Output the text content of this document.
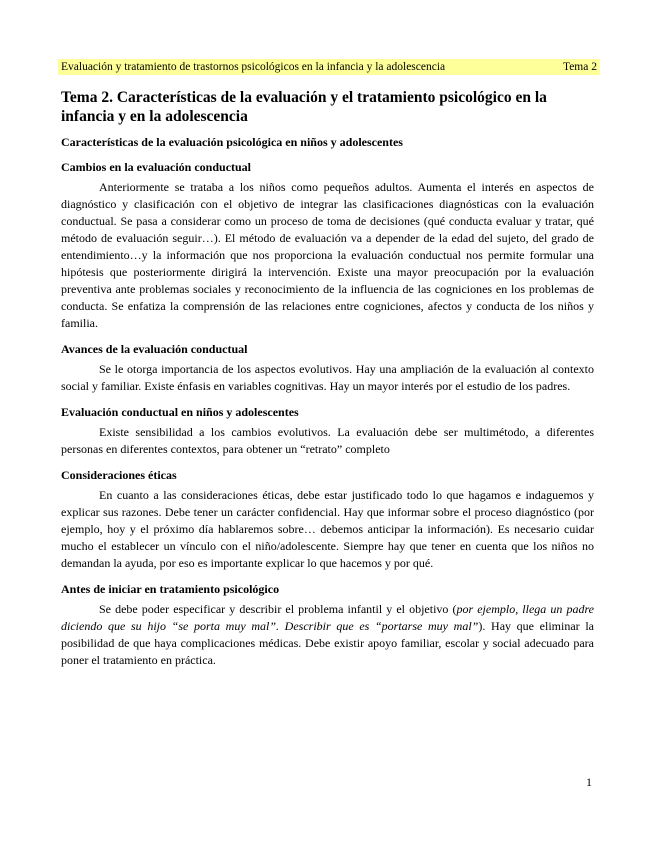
Evaluación y tratamiento de trastornos psicológicos en la infancia y la adolescencia	Tema 2
Tema 2. Características de la evaluación y el tratamiento psicológico en la infancia y en la adolescencia
Características de la evaluación psicológica en niños y adolescentes
Cambios en la evaluación conductual

Anteriormente se trataba a los niños como pequeños adultos. Aumenta el interés en aspectos de diagnóstico y clasificación con el objetivo de integrar las clasificaciones diagnósticas con la evaluación conductual. Se pasa a considerar como un proceso de toma de decisiones (qué conducta evaluar y tratar, qué método de evaluación seguir…). El método de evaluación va a depender de la edad del sujeto, del grado de entendimiento…y la información que nos proporciona la evaluación conductual nos permite formular una hipótesis que posteriormente dirigirá la intervención. Existe una mayor preocupación por la evaluación preventiva ante problemas sociales y reconocimiento de la influencia de las cogniciones en los problemas de conducta. Se enfatiza la comprensión de las relaciones entre cogniciones, afectos y conducta de los niños y familia.

Avances de la evaluación conductual

Se le otorga importancia de los aspectos evolutivos. Hay una ampliación de la evaluación al contexto social y familiar. Existe énfasis en variables cognitivas. Hay un mayor interés por el estudio de los padres.

Evaluación conductual en niños y adolescentes

Existe sensibilidad a los cambios evolutivos. La evaluación debe ser multimétodo, a diferentes personas en diferentes contextos, para obtener un “retrato” completo

Consideraciones éticas

En cuanto a las consideraciones éticas, debe estar justificado todo lo que hagamos e indaguemos y explicar sus razones. Debe tener un carácter confidencial. Hay que informar sobre el proceso diagnóstico (por ejemplo, hoy y el próximo día hablaremos sobre… debemos anticipar la información). Es necesario cuidar mucho el establecer un vínculo con el niño/adolescente. Siempre hay que tener en cuenta que los niños no demandan la ayuda, por eso es importante explicar lo que hacemos y por qué.

Antes de iniciar en tratamiento psicológico

Se debe poder especificar y describir el problema infantil y el objetivo (por ejemplo, llega un padre diciendo que su hijo “se porta muy mal”. Describir que es “portarse muy mal”). Hay que eliminar la posibilidad de que haya complicaciones médicas. Debe existir apoyo familiar, escolar y social adecuado para poner el tratamiento en práctica.

1
